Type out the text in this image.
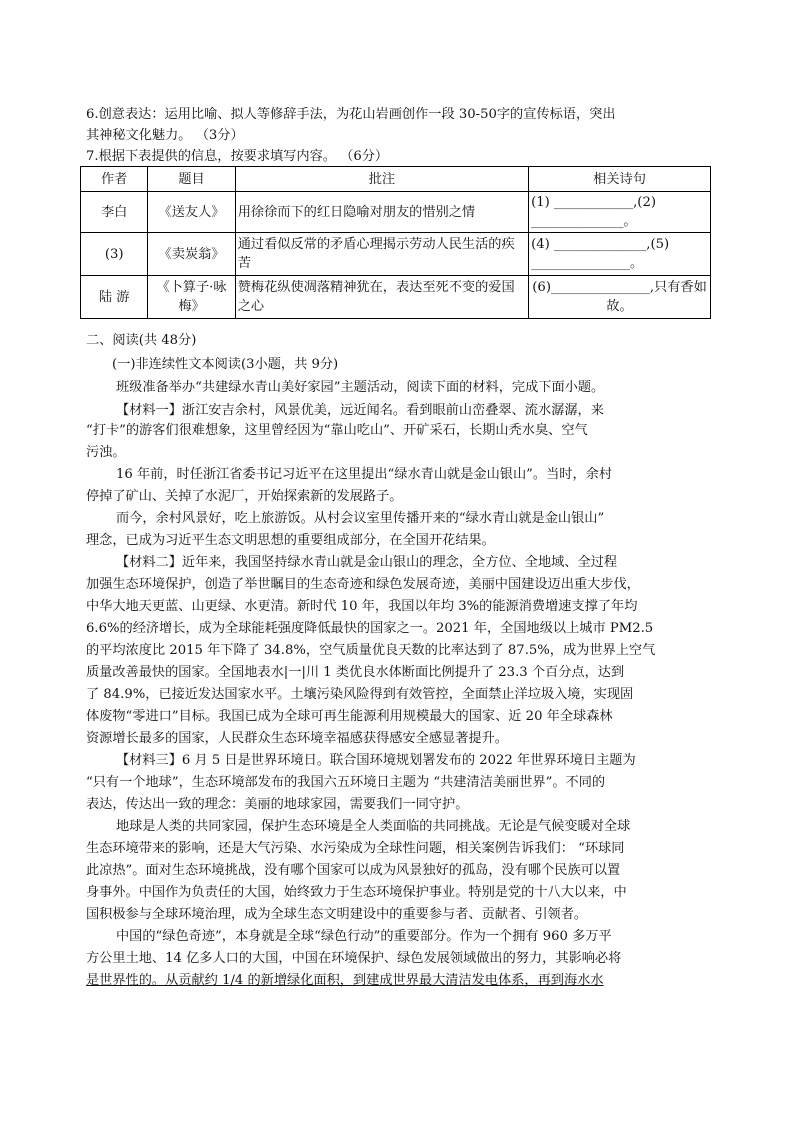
6.创意表达：运用比喻、拟人等修辞手法，为花山岩画创作一段 30-50字的宣传标语，突出
其神秘文化魅力。 （3分）
7.根据下表提供的信息，按要求填写内容。 （6分）
作者	题目	批注	相关诗句
李白	《送友人》	用徐徐而下的红日隐喻对朋友的惜别之情	(1) ____________,(2) ______________。
(3)	《卖炭翁》	通过看似反常的矛盾心理揭示劳动人民生活的疾苦	(4) ______________,(5) _______________。
陆 游	《卜算子·咏梅》	赞梅花纵使凋落精神犹在，表达至死不变的爱国之心	(6)_______________,只有香如故。
二、阅读(共 48分)
(一)非连续性文本阅读(3小题，共 9分)
班级准备举办“共建绿水青山美好家园”主题活动，阅读下面的材料，完成下面小题。
【材料一】浙江安吉余村，风景优美，远近闻名。看到眼前山峦叠翠、流水潺潺，来
“打卡”的游客们很难想象，这里曾经因为“靠山吃山”、开矿采石，长期山秃水臭、空气
污浊。
16 年前，时任浙江省委书记习近平在这里提出“绿水青山就是金山银山”。当时，余村
停掉了矿山、关掉了水泥厂，开始探索新的发展路子。
而今，余村风景好，吃上旅游饭。从村会议室里传播开来的“绿水青山就是金山银山”
理念，已成为习近平生态文明思想的重要组成部分，在全国开花结果。
【材料二】近年来，我国坚持绿水青山就是金山银山的理念，全方位、全地域、全过程
加强生态环境保护，创造了举世瞩目的生态奇迹和绿色发展奇迹，美丽中国建设迈出重大步伐，
中华大地天更蓝、山更绿、水更清。新时代 10 年，我国以年均 3%的能源消费增速支撑了年均
6.6%的经济增长，成为全球能耗强度降低最快的国家之一。2021 年，全国地级以上城市 PM2.5
的平均浓度比 2015 年下降了 34.8%，空气质量优良天数的比率达到了 87.5%，成为世界上空气
质量改善最快的国家。全国地表水|一|川 1 类优良水体断面比例提升了 23.3 个百分点，达到
了 84.9%，已接近发达国家水平。土壤污染风险得到有效管控，全面禁止洋垃圾入境，实现固
体废物“零进口”目标。我国已成为全球可再生能源利用规模最大的国家、近 20 年全球森林
资源增长最多的国家，人民群众生态环境幸福感获得感安全感显著提升。
【材料三】6 月 5 日是世界环境日。联合国环境规划署发布的 2022 年世界环境日主题为
“只有一个地球”，生态环境部发布的我国六五环境日主题为 “共建清洁美丽世界”。不同的
表达，传达出一致的理念：美丽的地球家园，需要我们一同守护。
地球是人类的共同家园，保护生态环境是全人类面临的共同挑战。无论是气候变暖对全球
生态环境带来的影响，还是大气污染、水污染成为全球性问题，相关案例告诉我们： “环球同
此凉热”。面对生态环境挑战，没有哪个国家可以成为风景独好的孤岛，没有哪个民族可以置
身事外。中国作为负责任的大国，始终致力于生态环境保护事业。特别是党的十八大以来，中
国积极参与全球环境治理，成为全球生态文明建设中的重要参与者、贡献者、引领者。
中国的“绿色奇迹”，本身就是全球“绿色行动”的重要部分。作为一个拥有 960 多万平
方公里土地、14 亿多人口的大国，中国在环境保护、绿色发展领域做出的努力，其影响必将
是世界性的。从贡献约 1/4 的新增绿化面积，到建成世界最大清洁发电体系，再到海水水
